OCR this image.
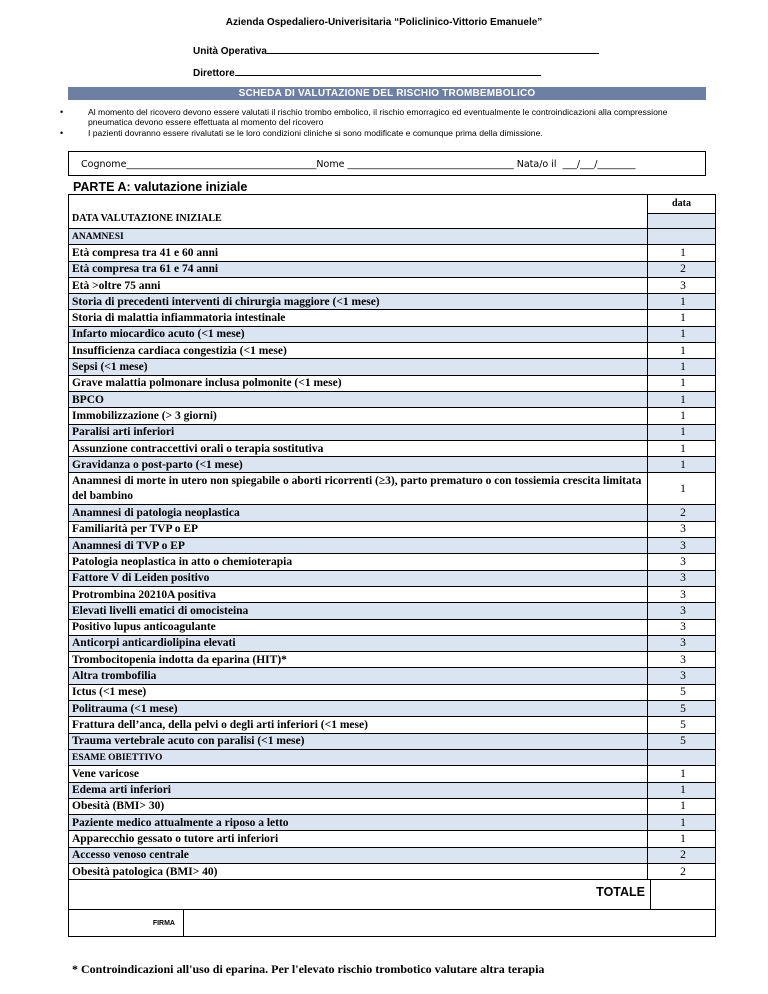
Azienda Ospedaliero-Univerisitaria “Policlinico-Vittorio Emanuele”
Unità Operativa
Direttore
SCHEDA DI VALUTAZIONE DEL RISCHIO TROMBEMBOLICO
• Al momento del ricovero devono essere valutati il rischio trombo embolico, il rischio emorragico ed eventualmente le controindicazioni alla compressione pneumatica devono essere effettuata al momento del ricovero
• I pazienti dovranno essere rivalutati se le loro condizioni cliniche si sono modificate e comunque prima della dimissione.
Cognome________________________________________Nome ___________________________________ Nata/o il ___/___/________
PARTE A: valutazione iniziale
DATA VALUTAZIONE INIZIALE	data

ANAMNESI	
Età compresa tra 41 e 60 anni	1
Età compresa tra 61 e 74 anni	2
Età >oltre 75 anni	3
Storia di precedenti interventi di chirurgia maggiore (<1 mese)	1
Storia di malattia infiammatoria intestinale	1
Infarto miocardico acuto (<1 mese)	1
Insufficienza cardiaca congestizia (<1 mese)	1
Sepsi (<1 mese)	1
Grave malattia polmonare inclusa polmonite (<1 mese)	1
BPCO	1
Immobilizzazione (> 3 giorni)	1
Paralisi arti inferiori	1
Assunzione contraccettivi orali o terapia sostitutiva	1
Gravidanza o post-parto (<1 mese)	1
Anamnesi di morte in utero non spiegabile o aborti ricorrenti (≥3), parto prematuro o con tossiemia crescita limitata del bambino	1
Anamnesi di patologia neoplastica	2
Familiarità per TVP o EP	3
Anamnesi di TVP o EP	3
Patologia neoplastica in atto o chemioterapia	3
Fattore V di Leiden positivo	3
Protrombina 20210A positiva	3
Elevati livelli ematici di omocisteina	3
Positivo lupus anticoagulante	3
Anticorpi anticardiolipina elevati	3
Trombocitopenia indotta da eparina (HIT)*	3
Altra trombofilia	3
Ictus (<1 mese)	5
Politrauma (<1 mese)	5
Frattura dell’anca, della pelvi o degli arti inferiori (<1 mese)	5
Trauma vertebrale acuto con paralisi (<1 mese)	5
ESAME OBIETTIVO	
Vene varicose	1
Edema arti inferiori	1
Obesità (BMI> 30)	1
Paziente medico attualmente a riposo a letto	1
Apparecchio gessato o tutore arti inferiori	1
Accesso venoso centrale	2
Obesità patologica (BMI> 40)	2
TOTALE
FIRMA
* Controindicazioni all'uso di eparina. Per l'elevato rischio trombotico valutare altra terapia
